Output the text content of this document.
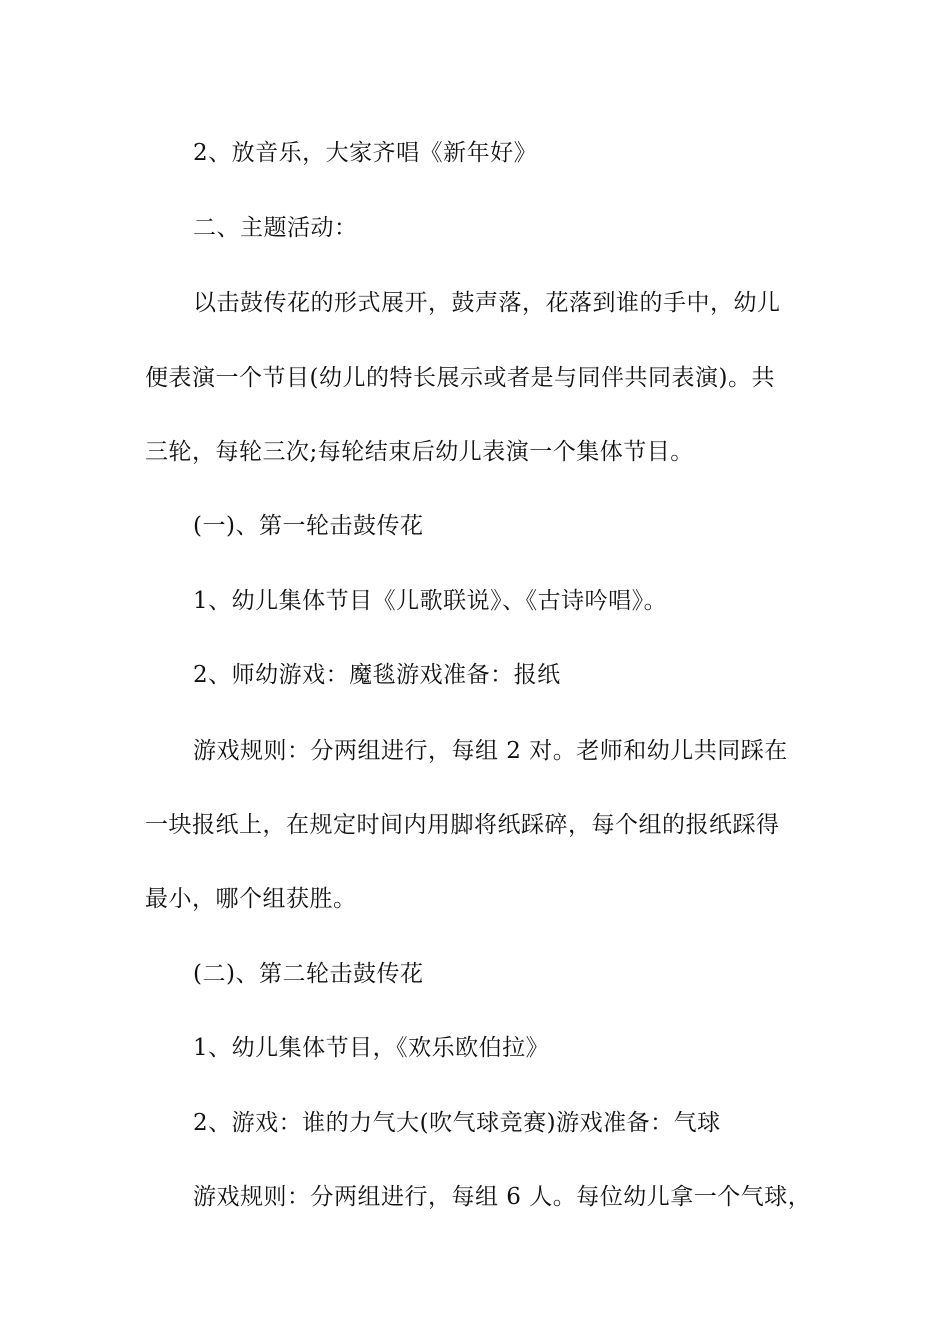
2、放音乐，大家齐唱《新年好》
二、主题活动：
以击鼓传花的形式展开，鼓声落，花落到谁的手中，幼儿
便表演一个节目(幼儿的特长展示或者是与同伴共同表演)。共
三轮，每轮三次;每轮结束后幼儿表演一个集体节目。
(一)、第一轮击鼓传花
1、幼儿集体节目《儿歌联说》、《古诗吟唱》。
2、师幼游戏：魔毯游戏准备：报纸
游戏规则：分两组进行，每组 2 对。老师和幼儿共同踩在
一块报纸上，在规定时间内用脚将纸踩碎，每个组的报纸踩得
最小，哪个组获胜。
(二)、第二轮击鼓传花
1、幼儿集体节目，《欢乐欧伯拉》
2、游戏：谁的力气大(吹气球竞赛)游戏准备：气球
游戏规则：分两组进行，每组 6 人。每位幼儿拿一个气球，
